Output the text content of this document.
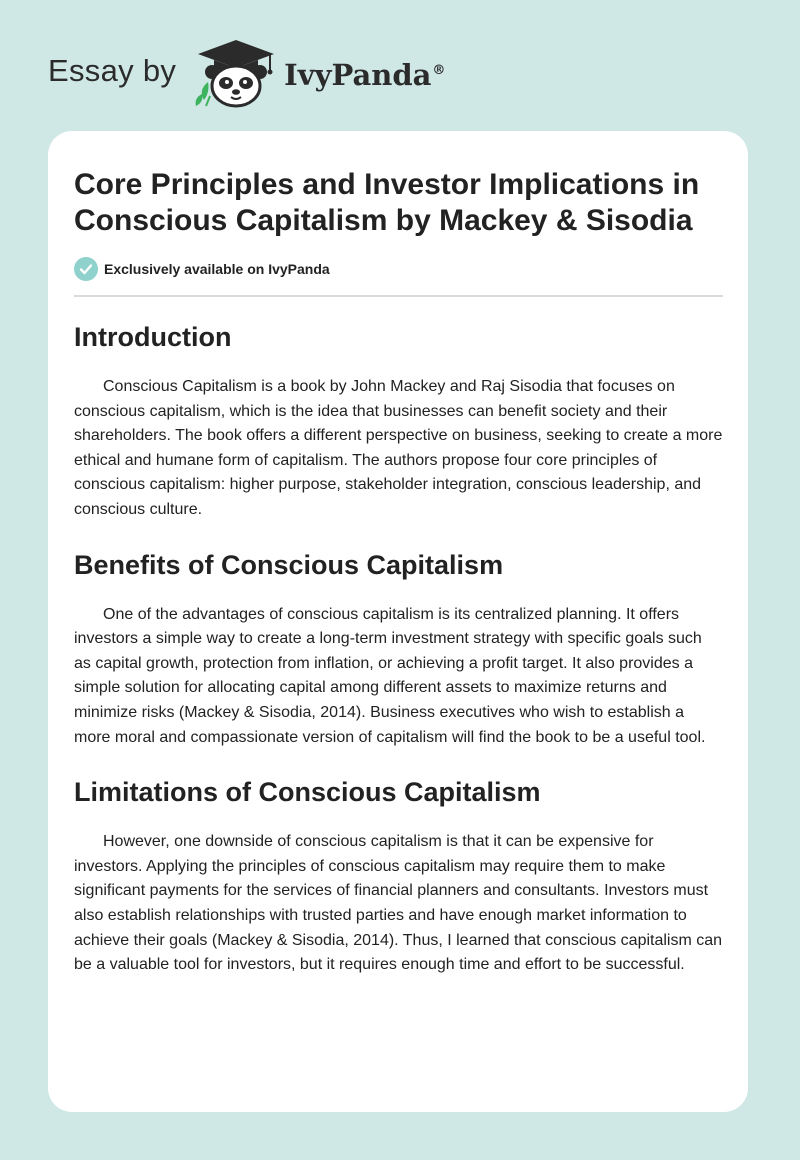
Essay by	IvyPanda®
Core Principles and Investor Implications in Conscious Capitalism by Mackey & Sisodia
Exclusively available on IvyPanda
Introduction

Conscious Capitalism is a book by John Mackey and Raj Sisodia that focuses on conscious capitalism, which is the idea that businesses can benefit society and their shareholders. The book offers a different perspective on business, seeking to create a more ethical and humane form of capitalism. The authors propose four core principles of conscious capitalism: higher purpose, stakeholder integration, conscious leadership, and conscious culture.

Benefits of Conscious Capitalism

One of the advantages of conscious capitalism is its centralized planning. It offers investors a simple way to create a long-term investment strategy with specific goals such as capital growth, protection from inflation, or achieving a profit target. It also provides a simple solution for allocating capital among different assets to maximize returns and minimize risks (Mackey & Sisodia, 2014). Business executives who wish to establish a more moral and compassionate version of capitalism will find the book to be a useful tool.

Limitations of Conscious Capitalism

However, one downside of conscious capitalism is that it can be expensive for investors. Applying the principles of conscious capitalism may require them to make significant payments for the services of financial planners and consultants. Investors must also establish relationships with trusted parties and have enough market information to achieve their goals (Mackey & Sisodia, 2014). Thus, I learned that conscious capitalism can be a valuable tool for investors, but it requires enough time and effort to be successful.
